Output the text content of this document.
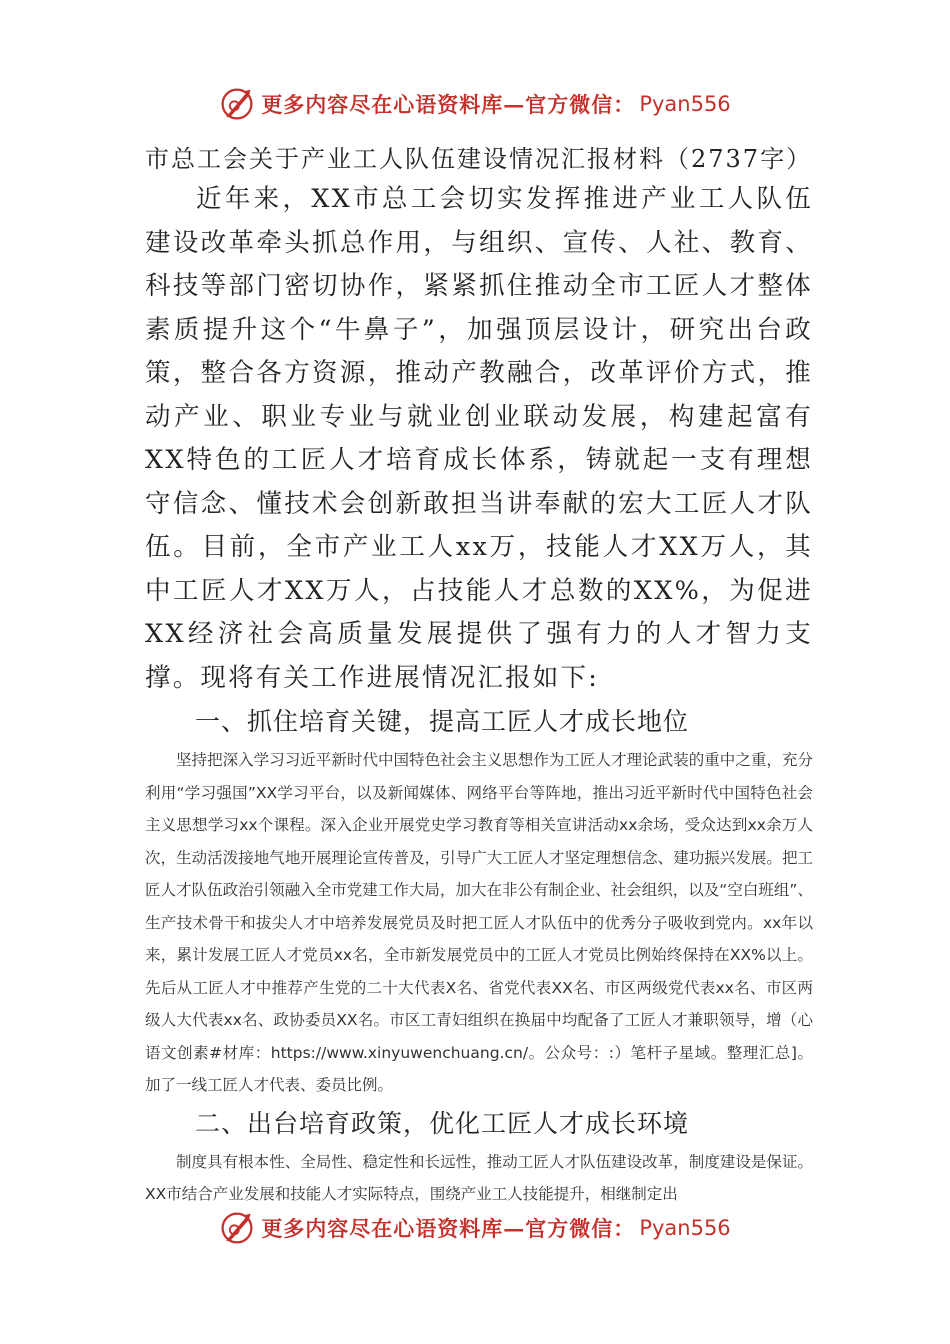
更多内容尽在心语资料库—官方微信： Pyan556

市总工会关于产业工人队伍建设情况汇报材料（2737字）

近年来，XX市总工会切实发挥推进产业工人队伍建设改革牵头抓总作用，与组织、宣传、人社、教育、科技等部门密切协作，紧紧抓住推动全市工匠人才整体素质提升这个“牛鼻子”，加强顶层设计，研究出台政策，整合各方资源，推动产教融合，改革评价方式，推动产业、职业专业与就业创业联动发展，构建起富有XX特色的工匠人才培育成长体系，铸就起一支有理想守信念、懂技术会创新敢担当讲奉献的宏大工匠人才队伍。目前，全市产业工人xx万，技能人才XX万人，其中工匠人才XX万人，占技能人才总数的XX%，为促进XX经济社会高质量发展提供了强有力的人才智力支撑。现将有关工作进展情况汇报如下:

一、抓住培育关键，提高工匠人才成长地位

坚持把深入学习习近平新时代中国特色社会主义思想作为工匠人才理论武装的重中之重，充分利用“学习强国”XX学习平台，以及新闻媒体、网络平台等阵地，推出习近平新时代中国特色社会主义思想学习xx个课程。深入企业开展党史学习教育等相关宣讲活动xx余场，受众达到xx余万人次，生动活泼接地气地开展理论宣传普及，引导广大工匠人才坚定理想信念、建功振兴发展。把工匠人才队伍政治引领融入全市党建工作大局，加大在非公有制企业、社会组织，以及“空白班组”、生产技术骨干和拔尖人才中培养发展党员及时把工匠人才队伍中的优秀分子吸收到党内。xx年以来，累计发展工匠人才党员xx名，全市新发展党员中的工匠人才党员比例始终保持在XX%以上。先后从工匠人才中推荐产生党的二十大代表X名、省党代表XX名、市区两级党代表xx名、市区两级人大代表xx名、政协委员XX名。市区工青妇组织在换届中均配备了工匠人才兼职领导，增（心语文创素#材库：https://www.xinyuwenchuang.cn/。公众号：:）笔杆子星域。整理汇总]。加了一线工匠人才代表、委员比例。

二、出台培育政策，优化工匠人才成长环境

制度具有根本性、全局性、稳定性和长远性，推动工匠人才队伍建设改革，制度建设是保证。XX市结合产业发展和技能人才实际特点，围绕产业工人技能提升，相继制定出

更多内容尽在心语资料库—官方微信： Pyan556
